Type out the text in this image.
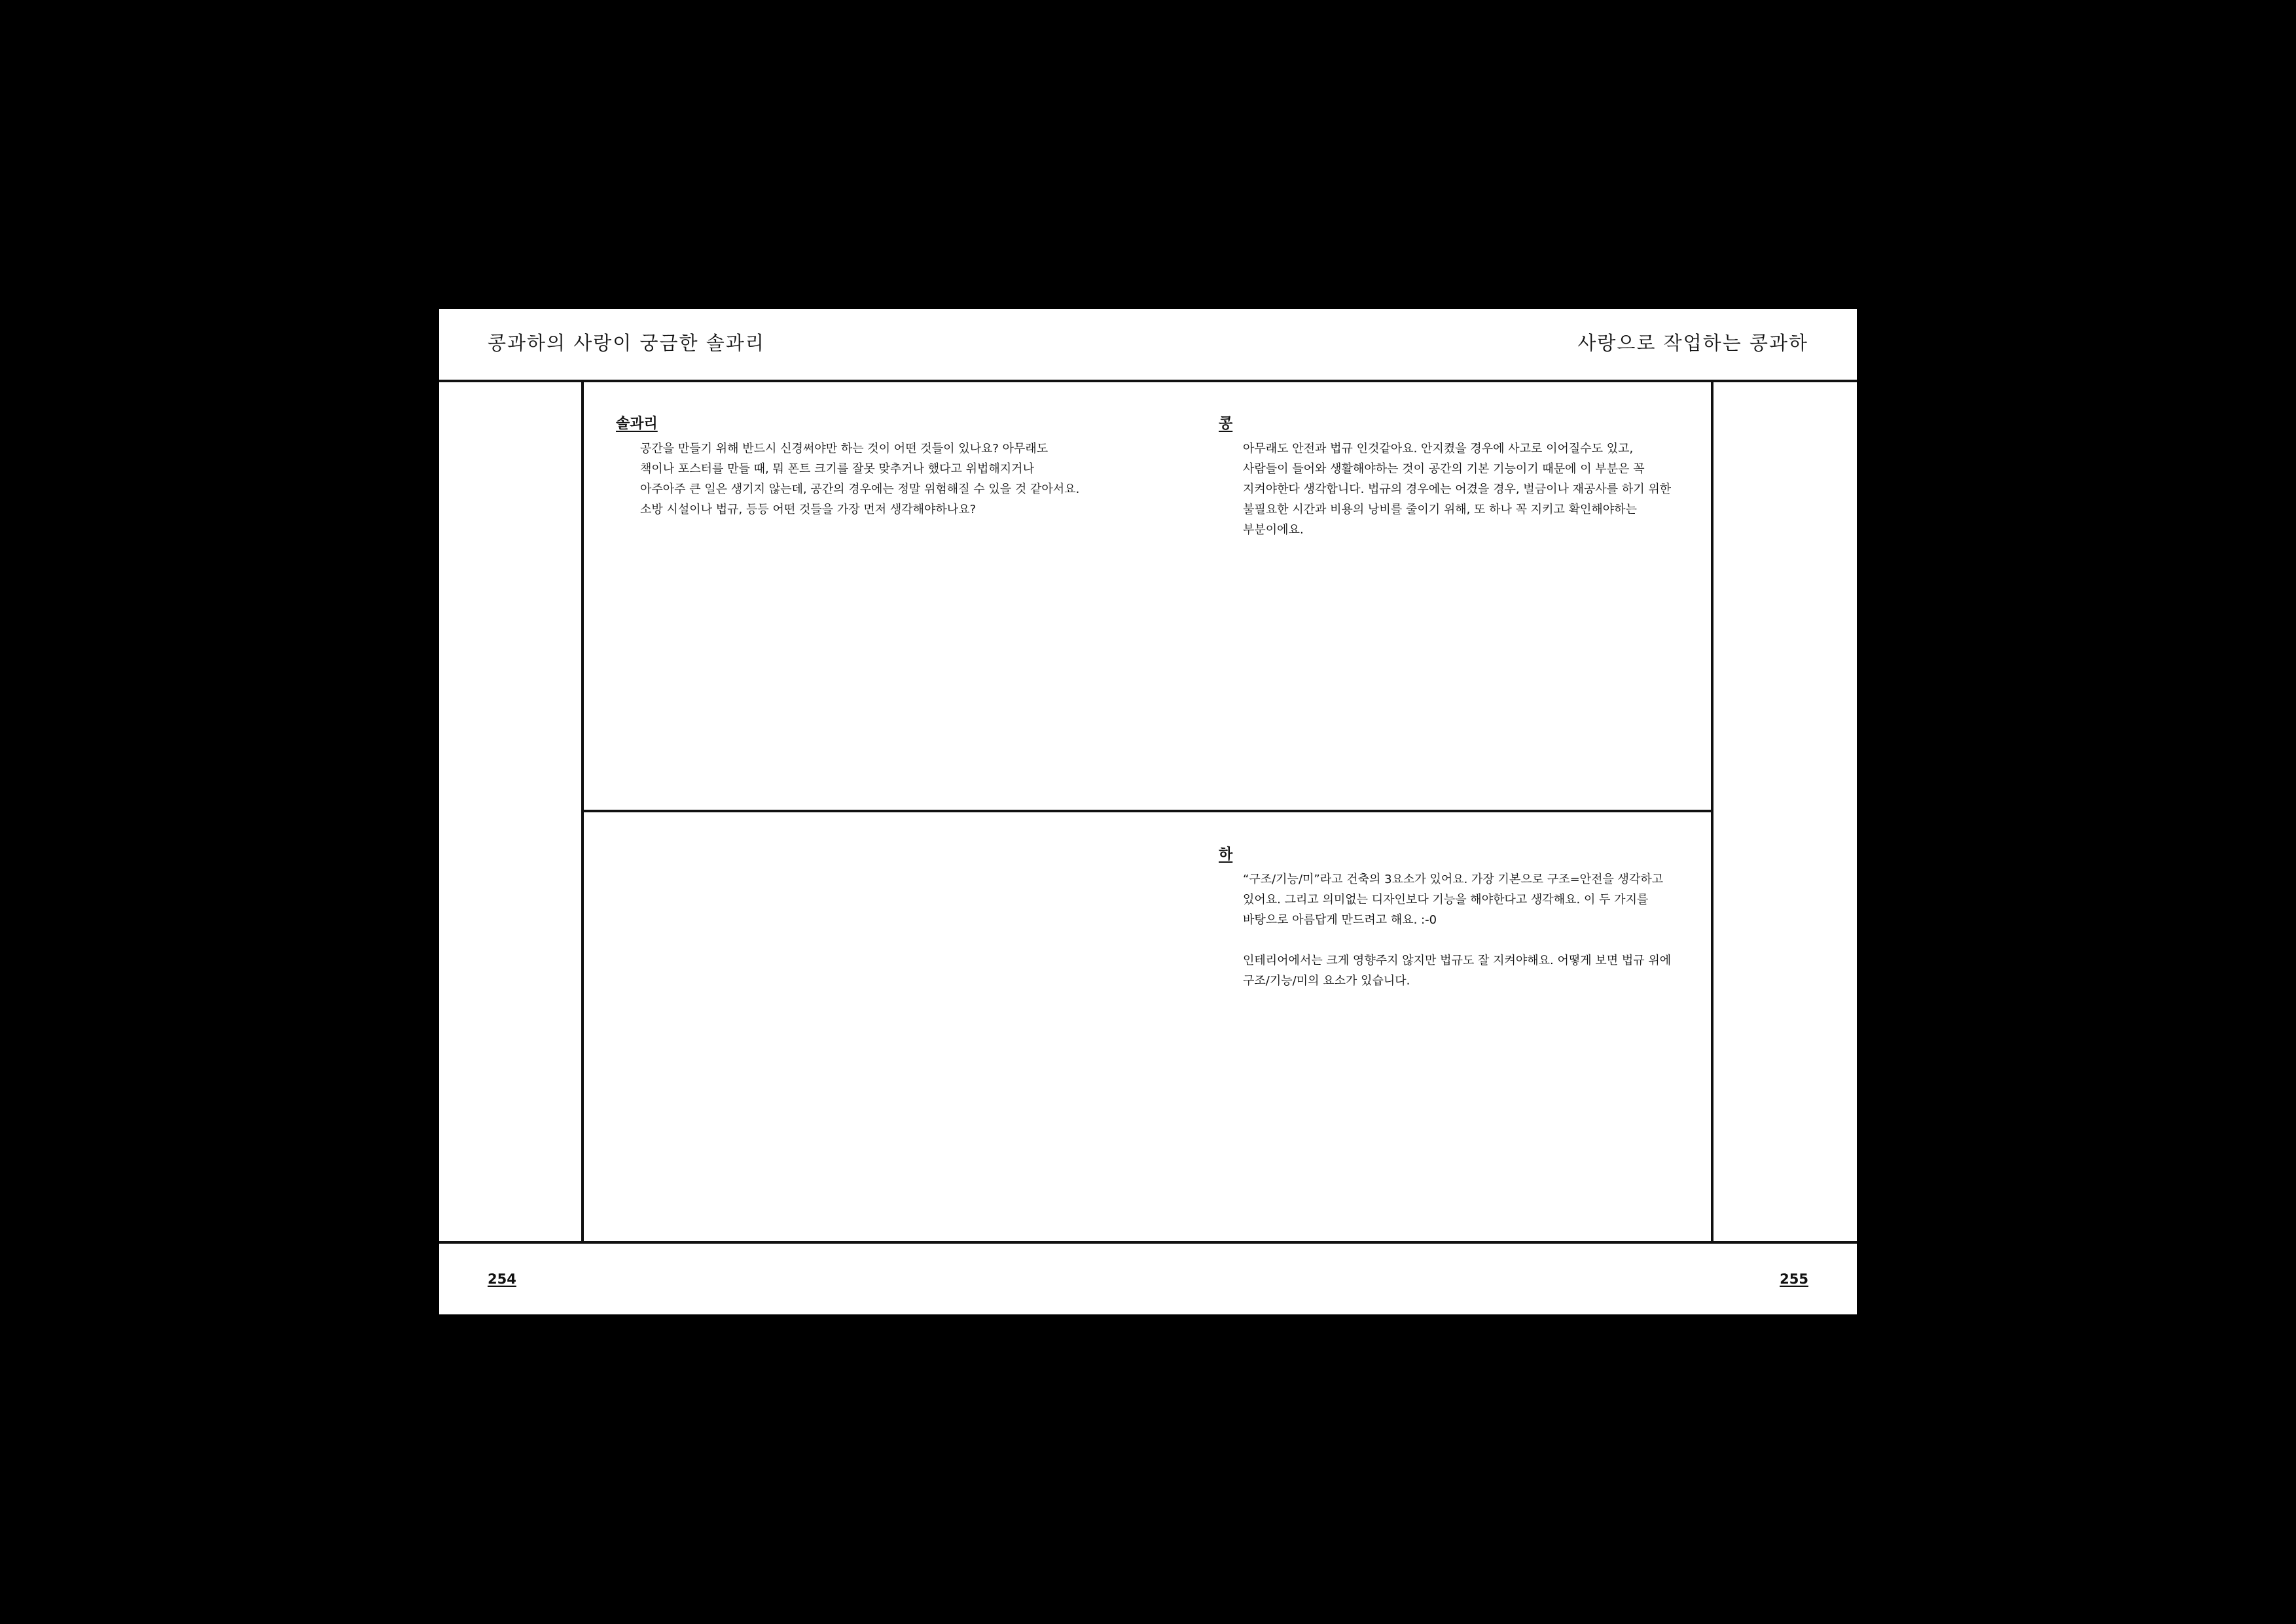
콩과하의 사랑이 궁금한 솔과리	사랑으로 작업하는 콩과하

솔과리

공간을 만들기 위해 반드시 신경써야만 하는 것이 어떤 것들이 있나요? 아무래도
책이나 포스터를 만들 때, 뭐 폰트 크기를 잘못 맞추거나 했다고 위법해지거나
아주아주 큰 일은 생기지 않는데, 공간의 경우에는 정말 위험해질 수 있을 것 같아서요.
소방 시설이나 법규, 등등 어떤 것들을 가장 먼저 생각해야하나요?

콩

아무래도 안전과 법규 인것같아요. 안지켰을 경우에 사고로 이어질수도 있고,
사람들이 들어와 생활해야하는 것이 공간의 기본 기능이기 때문에 이 부분은 꼭
지켜야한다 생각합니다. 법규의 경우에는 어겼을 경우, 벌금이나 재공사를 하기 위한
불필요한 시간과 비용의 낭비를 줄이기 위해, 또 하나 꼭 지키고 확인해야하는
부분이에요.

하

“구조/기능/미”라고 건축의 3요소가 있어요. 가장 기본으로 구조=안전을 생각하고
있어요. 그리고 의미없는 디자인보다 기능을 해야한다고 생각해요. 이 두 가지를
바탕으로 아름답게 만드려고 해요. :-0
인테리어에서는 크게 영향주지 않지만 법규도 잘 지켜야해요. 어떻게 보면 법규 위에
구조/기능/미의 요소가 있습니다.
254	255
